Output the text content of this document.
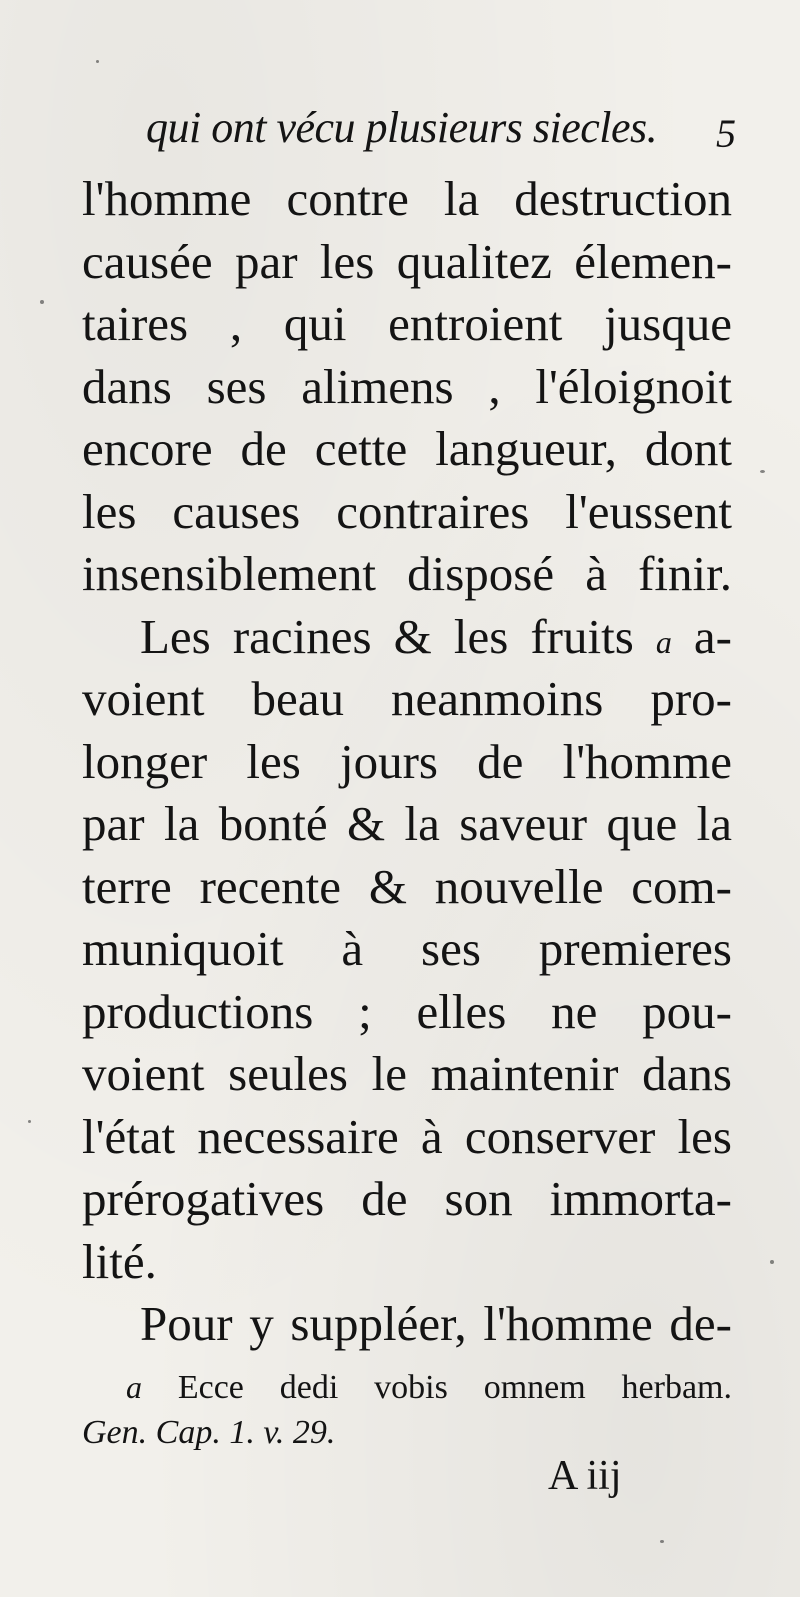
qui ont vécu plusieurs siecles. 5
l'homme contre la destruction
causée par les qualitez élemen-
taires , qui entroient jusque
dans ses alimens , l'éloignoit
encore de cette langueur, dont
les causes contraires l'eussent
insensiblement disposé à finir.
Les racines & les fruits a a-
voient beau neanmoins pro-
longer les jours de l'homme
par la bonté & la saveur que la
terre recente & nouvelle com-
muniquoit à ses premieres
productions ; elles ne pou-
voient seules le maintenir dans
l'état necessaire à conserver les
prérogatives de son immorta-
lité.
Pour y suppléer, l'homme de-
a Ecce dedi vobis omnem herbam.
Gen. Cap. 1. v. 29.
A iij
